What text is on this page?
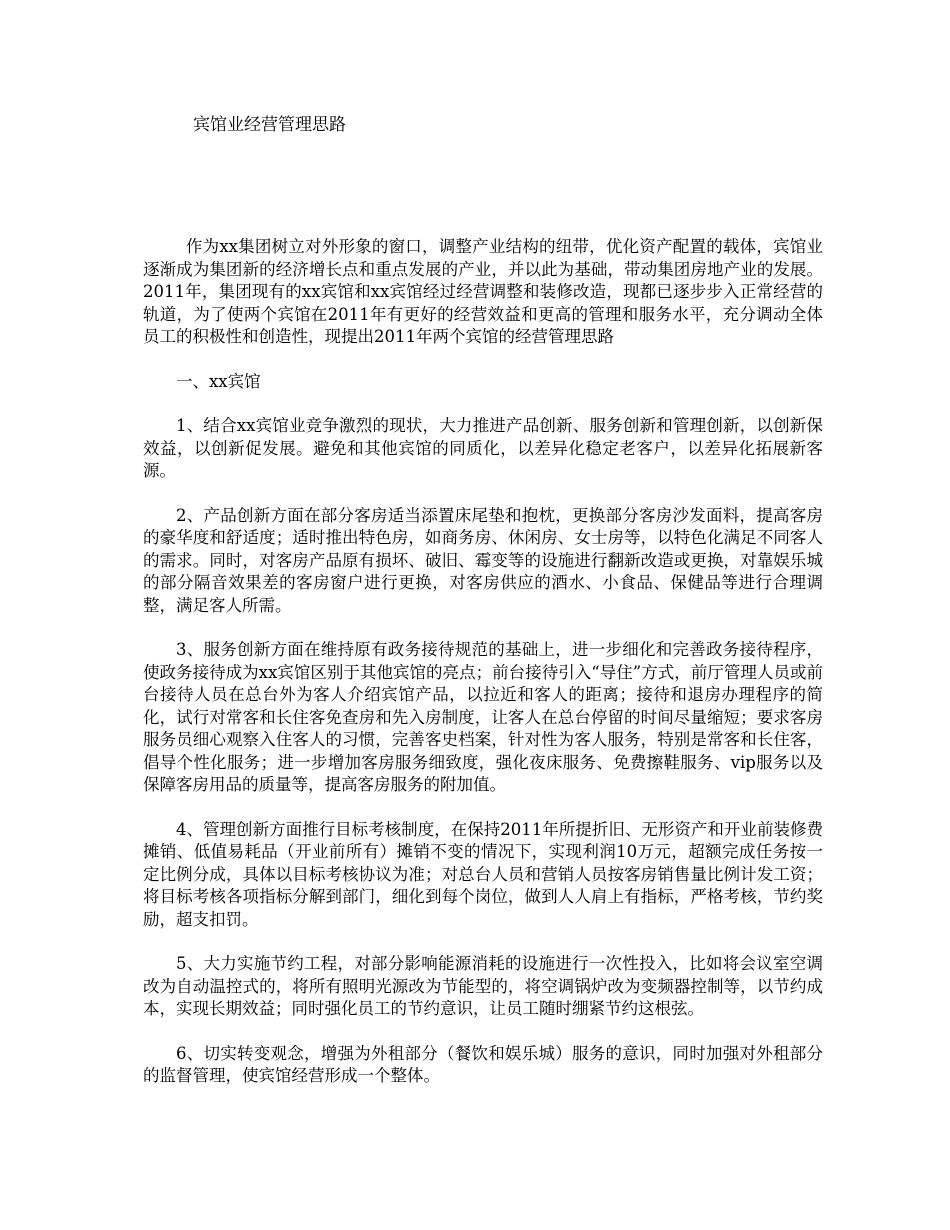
宾馆业经营管理思路

作为xx集团树立对外形象的窗口，调整产业结构的纽带，优化资产配置的载体，宾馆业逐渐成为集团新的经济增长点和重点发展的产业，并以此为基础，带动集团房地产业的发展。2011年，集团现有的xx宾馆和xx宾馆经过经营调整和装修改造，现都已逐步步入正常经营的轨道，为了使两个宾馆在2011年有更好的经营效益和更高的管理和服务水平，充分调动全体员工的积极性和创造性，现提出2011年两个宾馆的经营管理思路

一、xx宾馆

1、结合xx宾馆业竞争激烈的现状，大力推进产品创新、服务创新和管理创新，以创新保效益，以创新促发展。避免和其他宾馆的同质化，以差异化稳定老客户，以差异化拓展新客源。

2、产品创新方面在部分客房适当添置床尾垫和抱枕，更换部分客房沙发面料，提高客房的豪华度和舒适度；适时推出特色房，如商务房、休闲房、女士房等，以特色化满足不同客人的需求。同时，对客房产品原有损坏、破旧、霉变等的设施进行翻新改造或更换，对靠娱乐城的部分隔音效果差的客房窗户进行更换，对客房供应的酒水、小食品、保健品等进行合理调整，满足客人所需。

3、服务创新方面在维持原有政务接待规范的基础上，进一步细化和完善政务接待程序，使政务接待成为xx宾馆区别于其他宾馆的亮点；前台接待引入“导住”方式，前厅管理人员或前台接待人员在总台外为客人介绍宾馆产品，以拉近和客人的距离；接待和退房办理程序的简化，试行对常客和长住客免查房和先入房制度，让客人在总台停留的时间尽量缩短；要求客房服务员细心观察入住客人的习惯，完善客史档案，针对性为客人服务，特别是常客和长住客，倡导个性化服务；进一步增加客房服务细致度，强化夜床服务、免费擦鞋服务、vip服务以及保障客房用品的质量等，提高客房服务的附加值。

4、管理创新方面推行目标考核制度，在保持2011年所提折旧、无形资产和开业前装修费摊销、低值易耗品（开业前所有）摊销不变的情况下，实现利润10万元，超额完成任务按一定比例分成，具体以目标考核协议为准；对总台人员和营销人员按客房销售量比例计发工资；将目标考核各项指标分解到部门，细化到每个岗位，做到人人肩上有指标，严格考核，节约奖励，超支扣罚。

5、大力实施节约工程，对部分影响能源消耗的设施进行一次性投入，比如将会议室空调改为自动温控式的，将所有照明光源改为节能型的，将空调锅炉改为变频器控制等，以节约成本，实现长期效益；同时强化员工的节约意识，让员工随时绷紧节约这根弦。

6、切实转变观念，增强为外租部分（餐饮和娱乐城）服务的意识，同时加强对外租部分的监督管理，使宾馆经营形成一个整体。
